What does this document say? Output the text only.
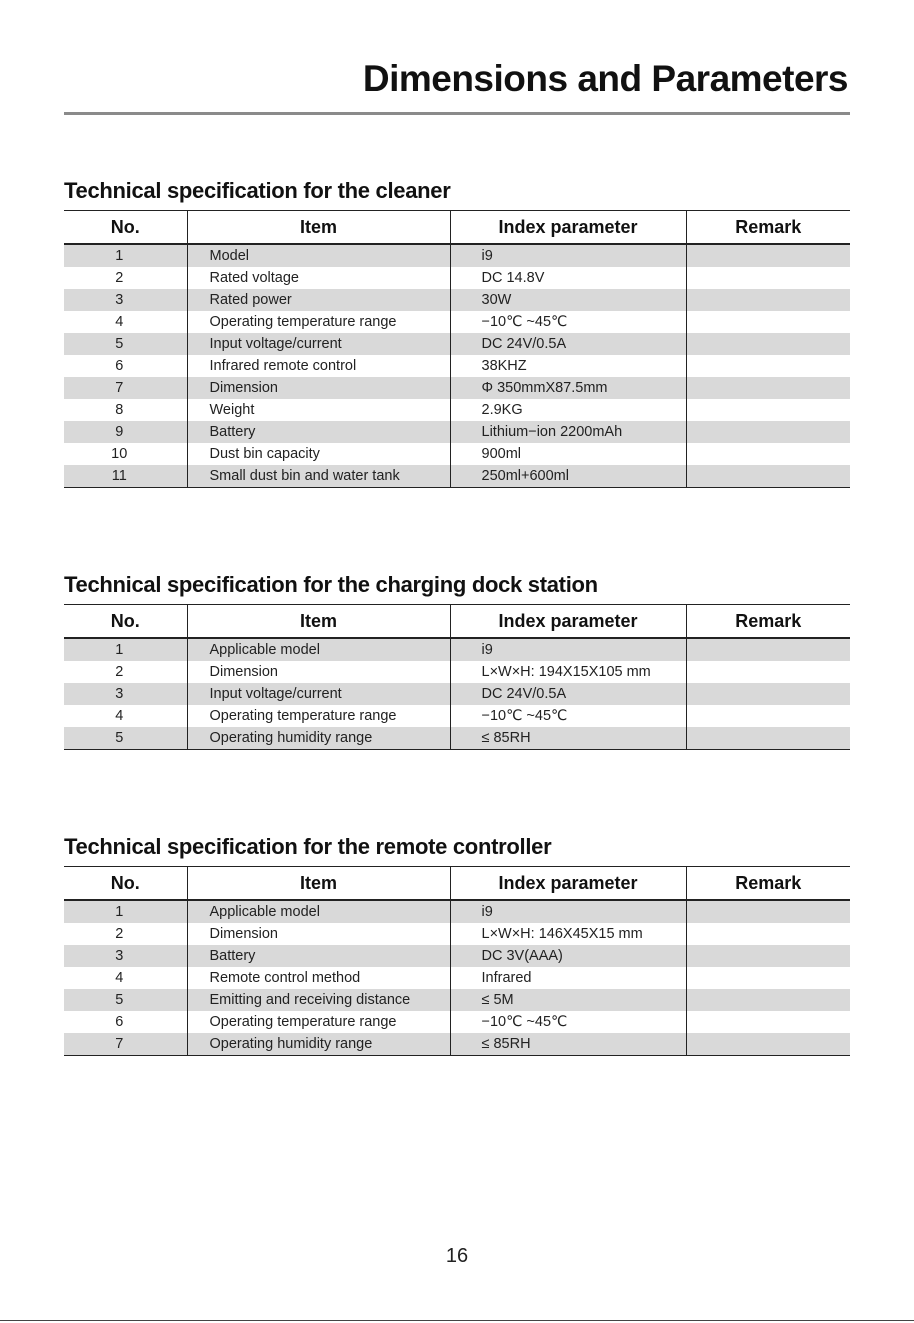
Dimensions and Parameters
Technical specification for the cleaner
No.	Item	Index parameter	Remark
1	Model	i9	
2	Rated voltage	DC 14.8V	
3	Rated power	30W	
4	Operating temperature range	−10℃ ~45℃	
5	Input voltage/current	DC 24V/0.5A	
6	Infrared remote control	38KHZ	
7	Dimension	Φ 350mmX87.5mm	
8	Weight	2.9KG	
9	Battery	Lithium−ion 2200mAh	
10	Dust bin capacity	900ml	
11	Small dust bin and water tank	250ml+600ml	
Technical specification for the charging dock station
No.	Item	Index parameter	Remark
1	Applicable model	i9	
2	Dimension	L×W×H: 194X15X105 mm	
3	Input voltage/current	DC 24V/0.5A	
4	Operating temperature range	−10℃ ~45℃	
5	Operating humidity range	≤ 85RH	
Technical specification for the remote controller
No.	Item	Index parameter	Remark
1	Applicable model	i9	
2	Dimension	L×W×H: 146X45X15 mm	
3	Battery	DC 3V(AAA)	
4	Remote control method	Infrared	
5	Emitting and receiving distance	≤ 5M	
6	Operating temperature range	−10℃ ~45℃	
7	Operating humidity range	≤ 85RH	
16
